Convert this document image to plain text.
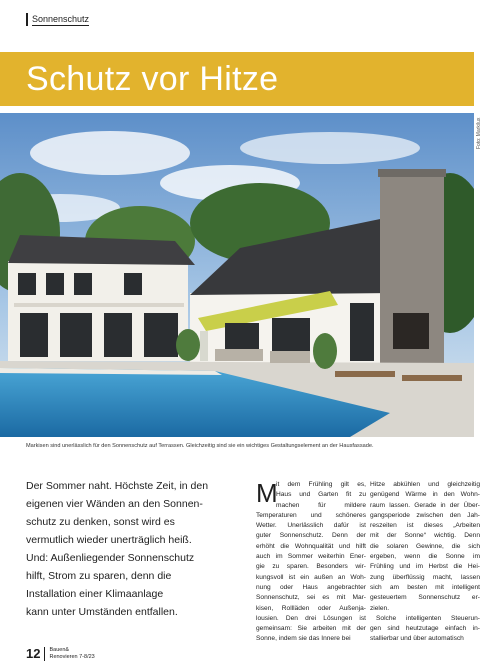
Sonnenschutz
Schutz vor Hitze
Foto: Markilux
Markisen sind unerlässlich für den Sonnenschutz auf Terrassen. Gleichzeitig sind sie ein wichtiges Gestaltungselement an der Hausfassade.
Der Sommer naht. Höchste Zeit, in den
eigenen vier Wänden an den Sonnen-
schutz zu denken, sonst wird es
vermutlich wieder unerträglich heiß.
Und: Außenliegender Sonnenschutz
hilft, Strom zu sparen, denn die
Installation einer Klimaanlage
kann unter Umständen entfallen.
M
it dem Frühling gilt es,
Haus und Garten fit zu
machen für mildere
Temperaturen und schöneres
Wetter. Unerlässlich dafür ist
guter Sonnenschutz. Denn der
erhöht die Wohnqualität und hilft
auch im Sommer weiterhin Ener-
gie zu sparen. Besonders wir-
kungsvoll ist ein außen an Woh-
nung oder Haus angebrachter
Sonnenschutz, sei es mit Mar-
kisen, Rollläden oder Außenja-
lousien. Den drei Lösungen ist
gemeinsam: Sie arbeiten mit der
Sonne, indem sie das Innere bei
Hitze abkühlen und gleichzeitig
genügend Wärme in den Wohn-
raum lassen. Gerade in der Über-
gangsperiode zwischen den Jah-
reszeiten ist dieses „Arbeiten
mit der Sonne“ wichtig. Denn
die solaren Gewinne, die sich
ergeben, wenn die Sonne im
Frühling und im Herbst die Hei-
zung überflüssig macht, lassen
sich am besten mit intelligent
gesteuertem Sonnenschutz er-
zielen.
Solche intelligenten Steuerun-
gen sind heutzutage einfach in-
stallierbar und über automatisch
12 Bauen&
Renovieren 7-8/23
